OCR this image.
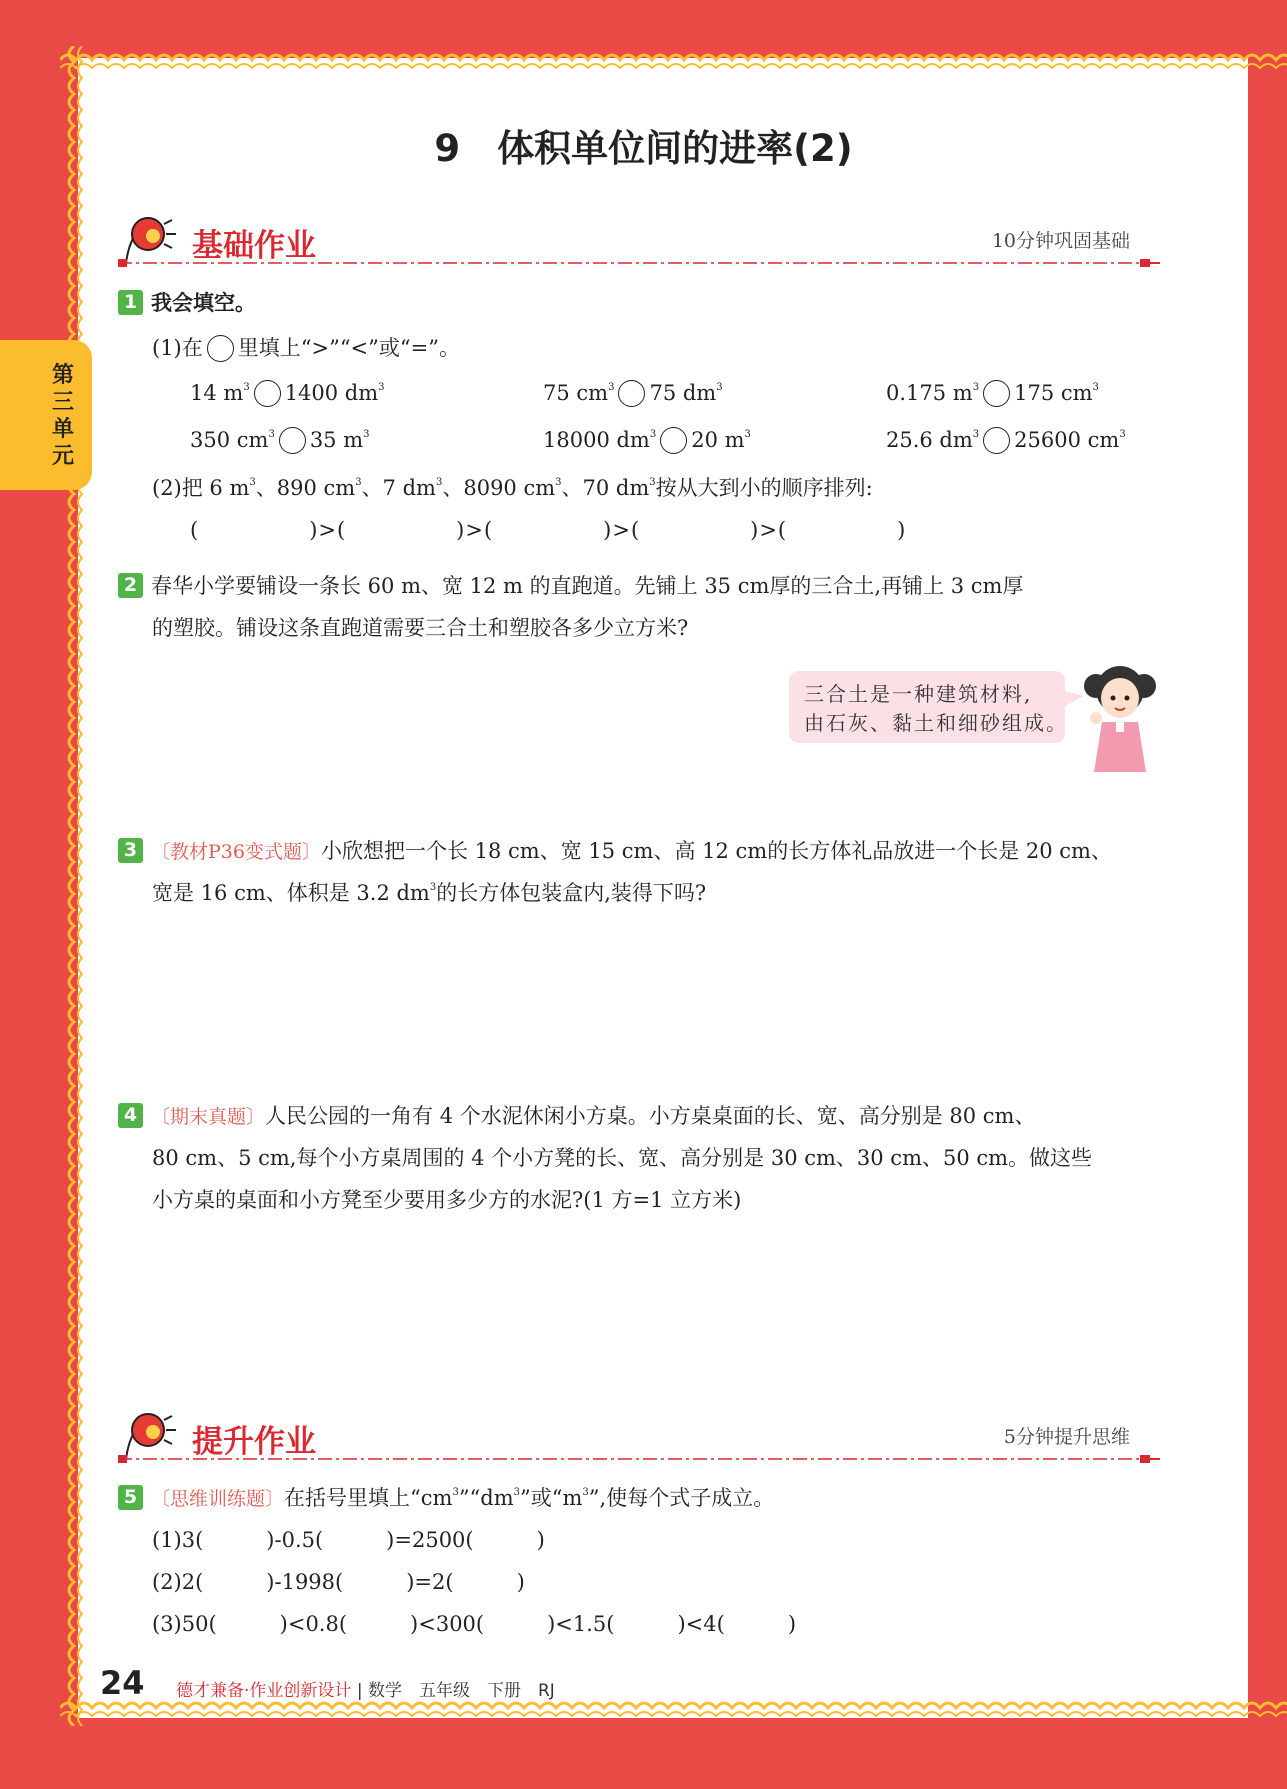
第三单元
9　体积单位间的进率(2)
基础作业	10分钟巩固基础
1 我会填空。
(1)在 里填上“>”“<”或“=”。
14 $m^3$ 1400 $dm^3$	75 $cm^3$ 75 $dm^3$	0.175 $m^3$ 175 $cm^3$
350 $cm^3$ 35 $m^3$	18000 $dm^3$ 20 $m^3$	25.6 $dm^3$ 25600 $cm^3$
(2)把 6 $m^3$、890 $cm^3$、7 $dm^3$、8090 $cm^3$、70 $dm^3$按从大到小的顺序排列:
(　　　　　)>(　　　　　)>(　　　　　)>(　　　　　)>(　　　　　)
2 春华小学要铺设一条长 60 m、宽 12 m 的直跑道。先铺上 35 cm厚的三合土,再铺上 3 cm厚
的塑胶。铺设这条直跑道需要三合土和塑胶各多少立方米?
三合土是一种建筑材料,
由石灰、黏土和细砂组成。
3 〔教材P36变式题〕小欣想把一个长 18 cm、宽 15 cm、高 12 cm的长方体礼品放进一个长是 20 cm、
宽是 16 cm、体积是 3.2 $dm^3$的长方体包装盒内,装得下吗?
4 〔期末真题〕人民公园的一角有 4 个水泥休闲小方桌。小方桌桌面的长、宽、高分别是 80 cm、
80 cm、5 cm,每个小方桌周围的 4 个小方凳的长、宽、高分别是 30 cm、30 cm、50 cm。做这些
小方桌的桌面和小方凳至少要用多少方的水泥?(1 方=1 立方米)
提升作业	5分钟提升思维
5 〔思维训练题〕在括号里填上“$cm^3”“dm^3$”或“$m^3$”,使每个式子成立。
(1)3(　　　)-0.5(　　　)=2500(　　　)
(2)2(　　　)-1998(　　　)=2(　　　)
(3)50(　　　)<0.8(　　　)<300(　　　)<1.5(　　　)<4(　　　)
24 德才兼备·作业创新设计 | 数学　五年级　下册　RJ
